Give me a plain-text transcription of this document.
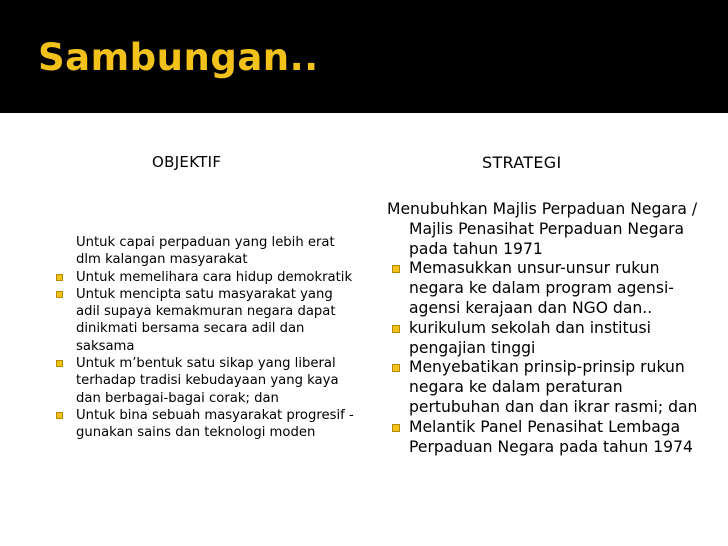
Sambungan..
OBJEKTIF	STRATEGI
Untuk capai perpaduan yang lebih erat dlm kalangan masyarakat
Untuk memelihara cara hidup demokratik
Untuk mencipta satu masyarakat yang adil supaya kemakmuran negara dapat dinikmati bersama secara adil dan saksama
Untuk m’bentuk satu sikap yang liberal terhadap tradisi kebudayaan yang kaya dan berbagai-bagai corak; dan
Untuk bina sebuah masyarakat progresif -gunakan sains dan teknologi moden
Menubuhkan Majlis Perpaduan Negara / Majlis Penasihat Perpaduan Negara pada tahun 1971
Memasukkan unsur-unsur rukun negara ke dalam program agensi-agensi kerajaan dan NGO dan..
kurikulum sekolah dan institusi pengajian tinggi
Menyebatikan prinsip-prinsip rukun negara ke dalam peraturan pertubuhan dan dan ikrar rasmi; dan
Melantik Panel Penasihat Lembaga Perpaduan Negara pada tahun 1974
